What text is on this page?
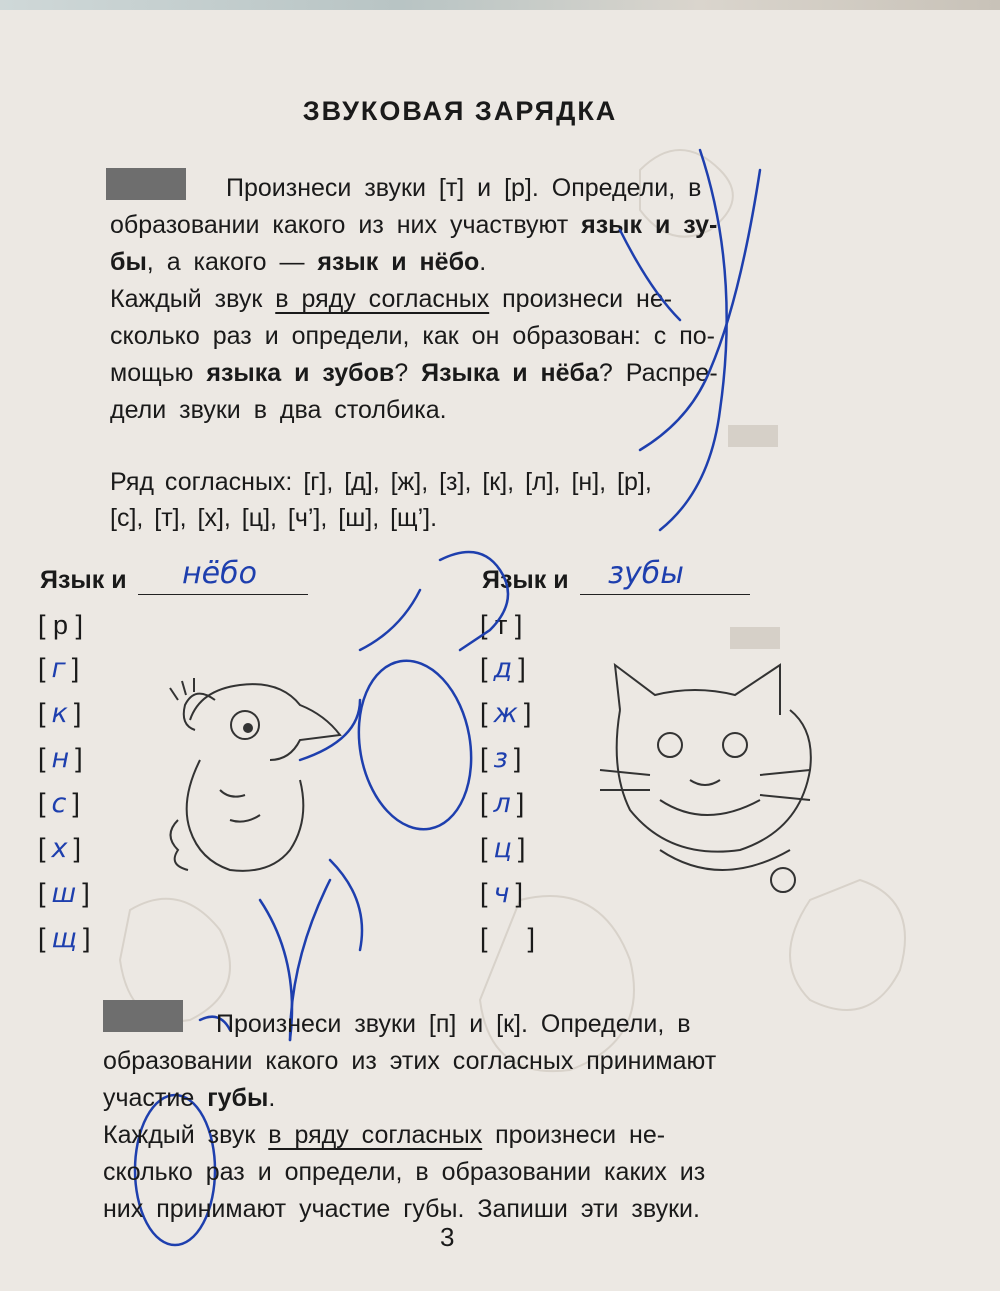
ЗВУКОВАЯ ЗАРЯДКА

Произнеси звуки [т] и [р]. Определи, в

образовании какого из них участвуют язык и зу-

бы, а какого — язык и нёбо.

Каждый звук в ряду согласных произнеси не-

сколько раз и определи, как он образован: с по-

мощью языка и зубов? Языка и нёба? Распре-

дели звуки в два столбика.

Ряд согласных: [г], [д], [ж], [з], [к], [л], [н], [р],

[с], [т], [х], [ц], [ч’], [ш], [щ’].

Язык и	нёбо	Язык и	зубы
[ р ]
[ г ]
[ к ]
[ н ]
[ с ]
[ х ]
[ ш ]
[ щ ]
[ т ]
[ д ]
[ ж ]
[ з ]
[ л ]
[ ц ]
[ ч ]
[ ]

Произнеси звуки [п] и [к]. Определи, в

образовании какого из этих согласных принимают

участие губы.

Каждый звук в ряду согласных произнеси не-

сколько раз и определи, в образовании каких из

них принимают участие губы. Запиши эти звуки.

3
